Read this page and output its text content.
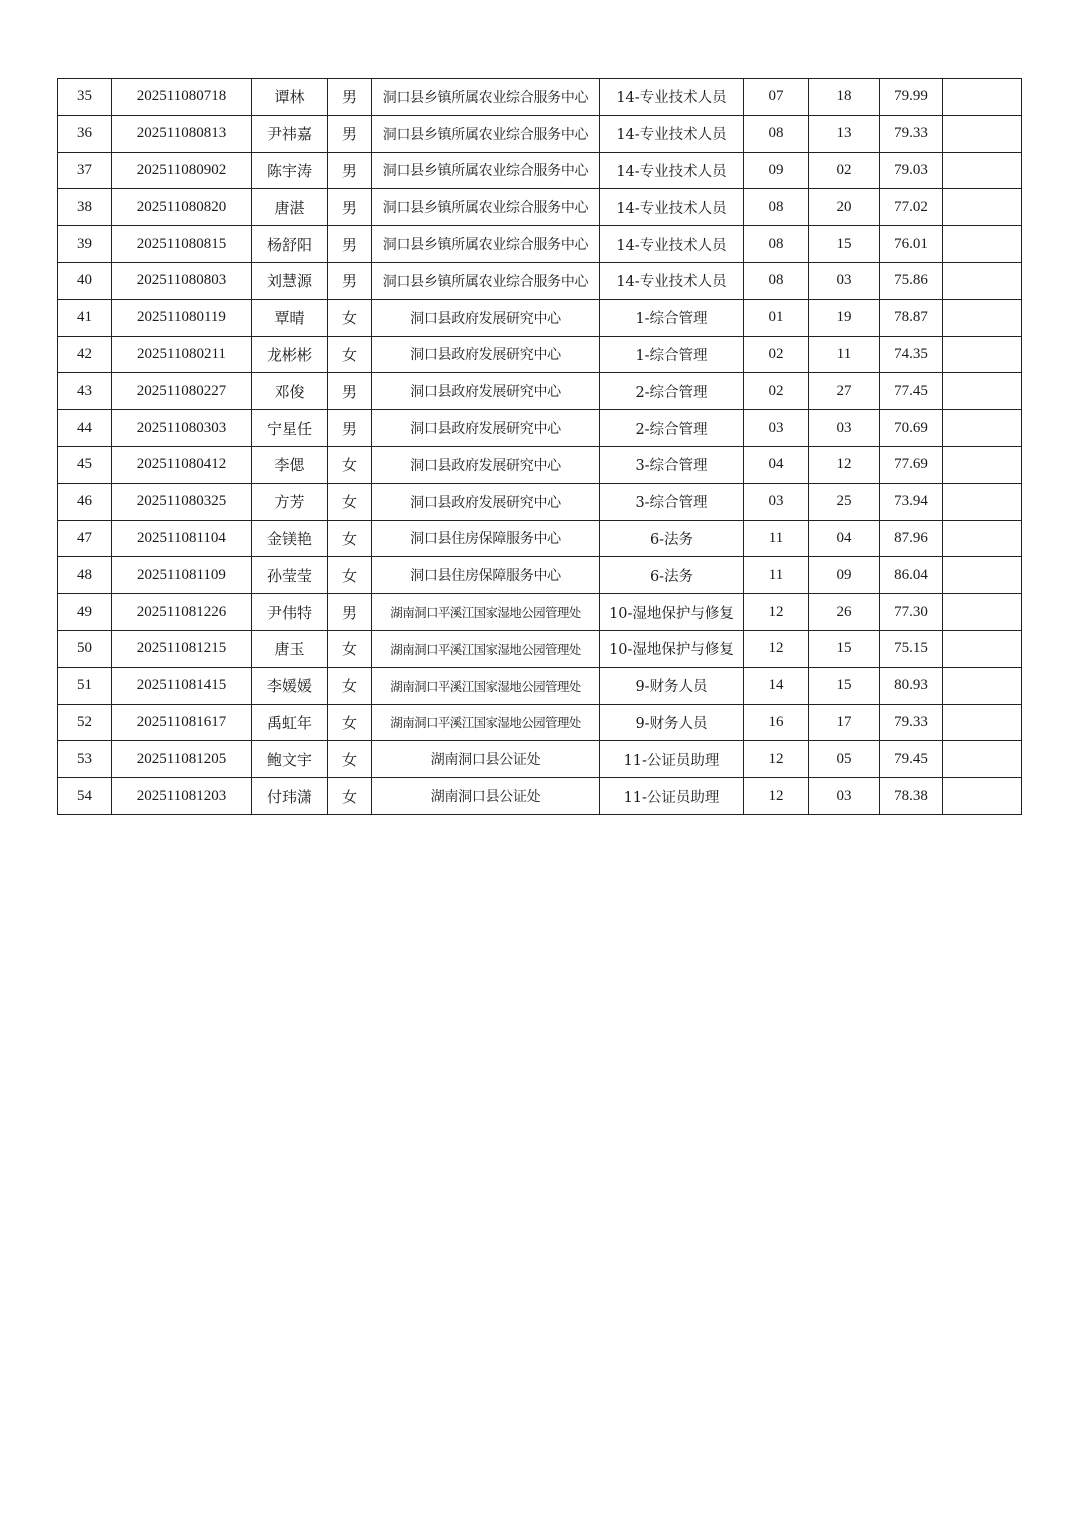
35	202511080718	谭林	男	洞口县乡镇所属农业综合服务中心	14-专业技术人员	07	18	79.99	
36	202511080813	尹祎嘉	男	洞口县乡镇所属农业综合服务中心	14-专业技术人员	08	13	79.33	
37	202511080902	陈宇涛	男	洞口县乡镇所属农业综合服务中心	14-专业技术人员	09	02	79.03	
38	202511080820	唐湛	男	洞口县乡镇所属农业综合服务中心	14-专业技术人员	08	20	77.02	
39	202511080815	杨舒阳	男	洞口县乡镇所属农业综合服务中心	14-专业技术人员	08	15	76.01	
40	202511080803	刘慧源	男	洞口县乡镇所属农业综合服务中心	14-专业技术人员	08	03	75.86	
41	202511080119	覃晴	女	洞口县政府发展研究中心	1-综合管理	01	19	78.87	
42	202511080211	龙彬彬	女	洞口县政府发展研究中心	1-综合管理	02	11	74.35	
43	202511080227	邓俊	男	洞口县政府发展研究中心	2-综合管理	02	27	77.45	
44	202511080303	宁星任	男	洞口县政府发展研究中心	2-综合管理	03	03	70.69	
45	202511080412	李偲	女	洞口县政府发展研究中心	3-综合管理	04	12	77.69	
46	202511080325	方芳	女	洞口县政府发展研究中心	3-综合管理	03	25	73.94	
47	202511081104	金镁艳	女	洞口县住房保障服务中心	6-法务	11	04	87.96	
48	202511081109	孙莹莹	女	洞口县住房保障服务中心	6-法务	11	09	86.04	
49	202511081226	尹伟特	男	湖南洞口平溪江国家湿地公园管理处	10-湿地保护与修复	12	26	77.30	
50	202511081215	唐玉	女	湖南洞口平溪江国家湿地公园管理处	10-湿地保护与修复	12	15	75.15	
51	202511081415	李媛媛	女	湖南洞口平溪江国家湿地公园管理处	9-财务人员	14	15	80.93	
52	202511081617	禹虹年	女	湖南洞口平溪江国家湿地公园管理处	9-财务人员	16	17	79.33	
53	202511081205	鲍文宇	女	湖南洞口县公证处	11-公证员助理	12	05	79.45	
54	202511081203	付玮潇	女	湖南洞口县公证处	11-公证员助理	12	03	78.38	
